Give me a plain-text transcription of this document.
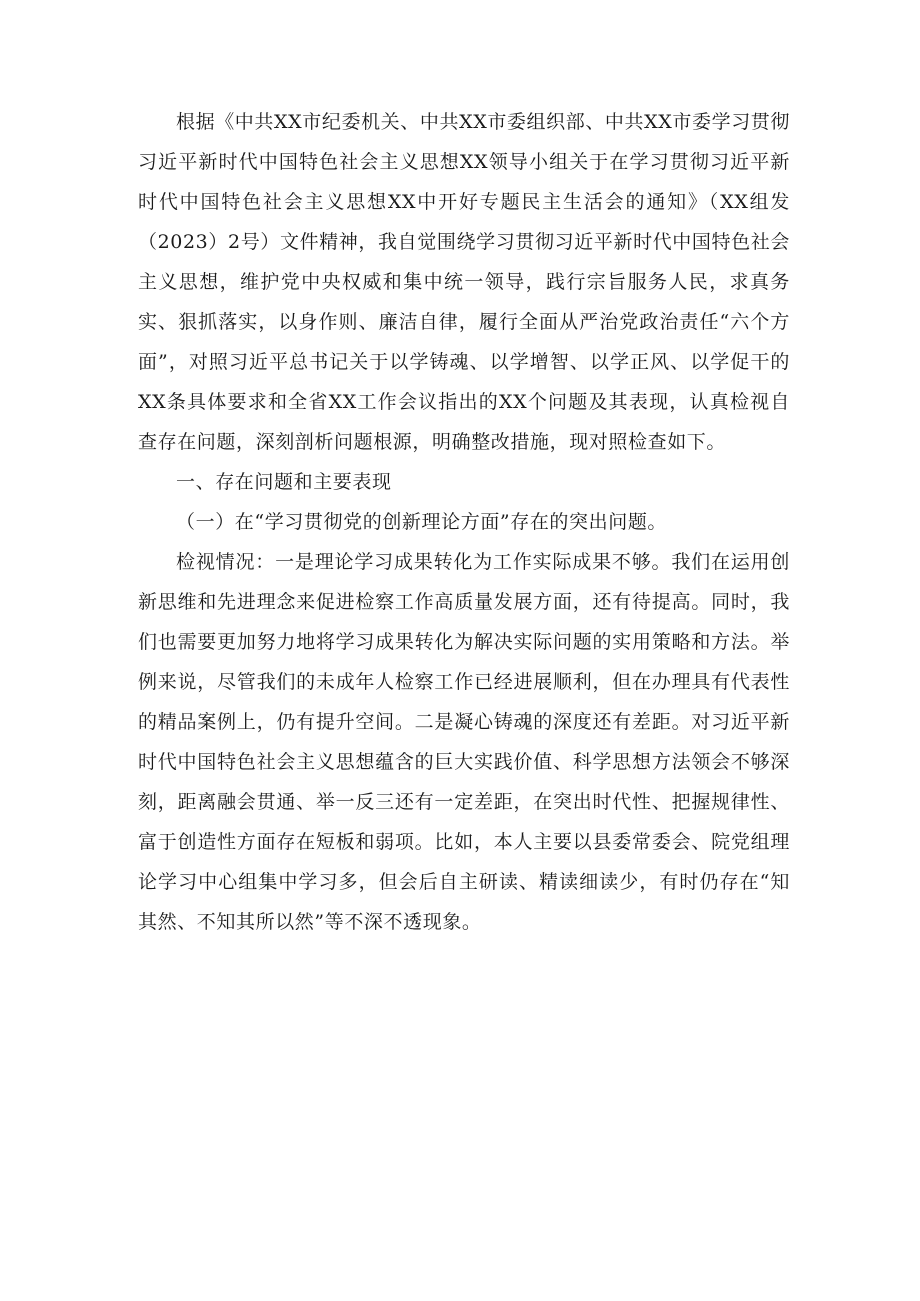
根据《中共XX市纪委机关、中共XX市委组织部、中共XX市委学习贯彻习近平新时代中国特色社会主义思想XX领导小组关于在学习贯彻习近平新时代中国特色社会主义思想XX中开好专题民主生活会的通知》（XX组发（2023）2号）文件精神，我自觉围绕学习贯彻习近平新时代中国特色社会主义思想，维护党中央权威和集中统一领导，践行宗旨服务人民，求真务实、狠抓落实，以身作则、廉洁自律，履行全面从严治党政治责任“六个方面”，对照习近平总书记关于以学铸魂、以学增智、以学正风、以学促干的XX条具体要求和全省XX工作会议指出的XX个问题及其表现，认真检视自查存在问题，深刻剖析问题根源，明确整改措施，现对照检查如下。

一、存在问题和主要表现

（一）在“学习贯彻党的创新理论方面”存在的突出问题。

检视情况：一是理论学习成果转化为工作实际成果不够。我们在运用创新思维和先进理念来促进检察工作高质量发展方面，还有待提高。同时，我们也需要更加努力地将学习成果转化为解决实际问题的实用策略和方法。举例来说，尽管我们的未成年人检察工作已经进展顺利，但在办理具有代表性的精品案例上，仍有提升空间。二是凝心铸魂的深度还有差距。对习近平新时代中国特色社会主义思想蕴含的巨大实践价值、科学思想方法领会不够深刻，距离融会贯通、举一反三还有一定差距，在突出时代性、把握规律性、富于创造性方面存在短板和弱项。比如，本人主要以县委常委会、院党组理论学习中心组集中学习多，但会后自主研读、精读细读少，有时仍存在“知其然、不知其所以然”等不深不透现象。
